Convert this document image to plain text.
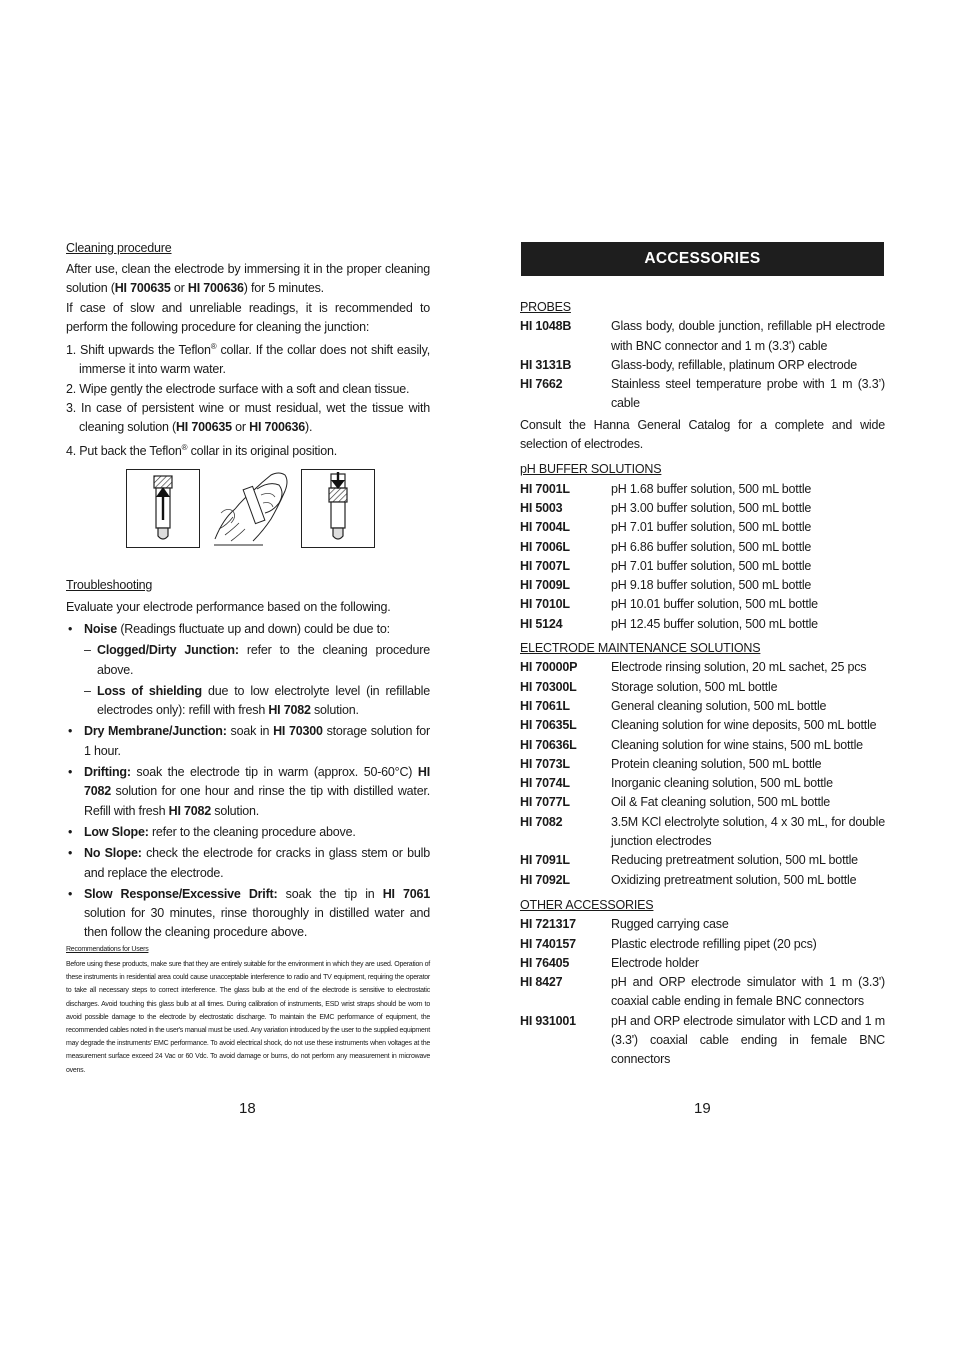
Cleaning procedure
After use, clean the electrode by immersing it in the proper cleaning solution (HI 700635 or HI 700636) for 5 minutes.
If case of slow and unreliable readings, it is recommended to perform the following procedure for cleaning the junction:
1. Shift upwards the Teflon® collar. If the collar does not shift easily, immerse it into warm water.
2. Wipe gently the electrode surface with a soft and clean tissue.
3. In case of persistent wine or must residual, wet the tissue with cleaning solution (HI 700635 or HI 700636).
4. Put back the Teflon® collar in its original position.
Troubleshooting
Evaluate your electrode performance based on the following.
• Noise (Readings fluctuate up and down) could be due to:
– Clogged/Dirty Junction: refer to the cleaning procedure above.
– Loss of shielding due to low electrolyte level (in refillable electrodes only): refill with fresh HI 7082 solution.
• Dry Membrane/Junction: soak in HI 70300 storage solution for 1 hour.
• Drifting: soak the electrode tip in warm (approx. 50-60°C) HI 7082 solution for one hour and rinse the tip with distilled water. Refill with fresh HI 7082 solution.
• Low Slope: refer to the cleaning procedure above.
• No Slope: check the electrode for cracks in glass stem or bulb and replace the electrode.
• Slow Response/Excessive Drift: soak the tip in HI 7061 solution for 30 minutes, rinse thoroughly in distilled water and then follow the cleaning procedure above.
Recommendations for Users
Before using these products, make sure that they are entirely suitable for the environment in which they are used. Operation of these instruments in residential area could cause unacceptable interference to radio and TV equipment, requiring the operator to take all necessary steps to correct interference. The glass bulb at the end of the electrode is sensitive to electrostatic discharges. Avoid touching this glass bulb at all times. During calibration of instruments, ESD wrist straps should be worn to avoid possible damage to the electrode by electrostatic discharge. To maintain the EMC performance of equipment, the recommended cables noted in the user's manual must be used. Any variation introduced by the user to the supplied equipment may degrade the instruments' EMC performance. To avoid electrical shock, do not use these instruments when voltages at the measurement surface exceed 24 Vac or 60 Vdc. To avoid damage or burns, do not perform any measurement in microwave ovens.
18
ACCESSORIES
PROBES
HI 1048B	Glass body, double junction, refillable pH electrode with BNC connector and 1 m (3.3') cable
HI 3131B	Glass-body, refillable, platinum ORP electrode
HI 7662	Stainless steel temperature probe with 1 m (3.3’) cable
Consult the Hanna General Catalog for a complete and wide selection of electrodes.
pH BUFFER SOLUTIONS
HI 7001L	pH 1.68 buffer solution, 500 mL bottle
HI 5003	pH 3.00 buffer solution, 500 mL bottle
HI 7004L	pH 7.01 buffer solution, 500 mL bottle
HI 7006L	pH 6.86 buffer solution, 500 mL bottle
HI 7007L	pH 7.01 buffer solution, 500 mL bottle
HI 7009L	pH 9.18 buffer solution, 500 mL bottle
HI 7010L	pH 10.01 buffer solution, 500 mL bottle
HI 5124	pH 12.45 buffer solution, 500 mL bottle
ELECTRODE MAINTENANCE SOLUTIONS
HI 70000P	Electrode rinsing solution, 20 mL sachet, 25 pcs
HI 70300L	Storage solution, 500 mL bottle
HI 7061L	General cleaning solution, 500 mL bottle
HI 70635L	Cleaning solution for wine deposits, 500 mL bottle
HI 70636L	Cleaning solution for wine stains, 500 mL bottle
HI 7073L	Protein cleaning solution, 500 mL bottle
HI 7074L	Inorganic cleaning solution, 500 mL bottle
HI 7077L	Oil & Fat cleaning solution, 500 mL bottle
HI 7082	3.5M KCl electrolyte solution, 4 x 30 mL, for double junction electrodes
HI 7091L	Reducing pretreatment solution, 500 mL bottle
HI 7092L	Oxidizing pretreatment solution, 500 mL bottle
OTHER ACCESSORIES
HI 721317	Rugged carrying case
HI 740157	Plastic electrode refilling pipet (20 pcs)
HI 76405	Electrode holder
HI 8427	pH and ORP electrode simulator with 1 m (3.3') coaxial cable ending in female BNC connectors
HI 931001	pH and ORP electrode simulator with LCD and 1 m (3.3') coaxial cable ending in female BNC connectors
19
